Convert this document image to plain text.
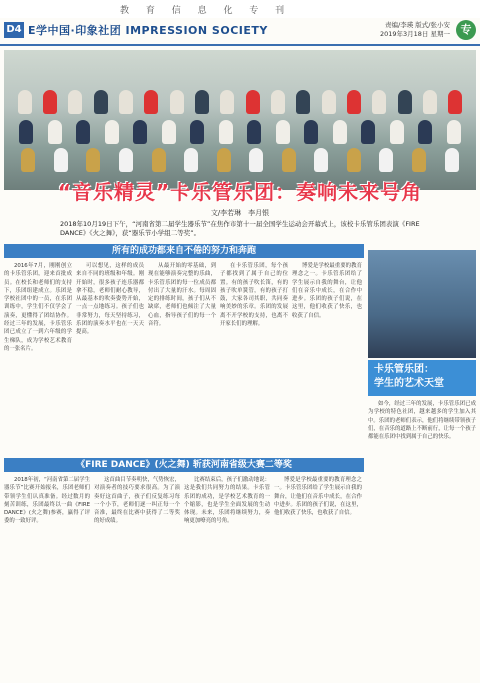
教 育 信 息 化 专 刊
D4 E学中国·印象社团 IMPRESSION SOCIETY	责编/李瑛 版式/张小安
2019年3月18日 星期一 专
“音乐精灵”卡乐管乐团：奏响未来号角
文/李若琳　李月银
2018年10月19日下午，“河南省第二届学生器乐节”在焦作市第十一届全国学生运动会开幕式上，该校卡乐管乐团表演《FIRE DANCE》《火之舞》，获“器乐节小学组二等奖”。
所有的成功都来自不倦的努力和奔跑

2016年7月，刚刚创立的卡乐管乐团，迎来首批成员。在校长和老师们的支持下，乐团组建成立。乐团是学校社团中的一员，在乐团训练中，学生们不仅学会了演奏，更懂得了团结协作。经过三年的发展，卡乐管乐团已成立了一到六年级的学生梯队，成为学校艺术教育的一张名片。

可以想见，这样的成员来自不同的班级和年级。刚开始时，很多孩子连乐器都拿不稳，老师们耐心教导，从最基本的吹奏姿势开始，一点一点地练习。孩子们也非常努力，每天坚持练习，乐团的演奏水平也在一天天提高。

从最开始的零基础，到现在能够演奏完整的乐曲，卡乐管乐团的每一位成员都付出了大量的汗水。每周固定的排练时间，孩子们从不缺席，老师们也倾注了大量心血，指导孩子们的每一个音符。

在卡乐管乐团，每个孩子都找到了属于自己的位置。有的孩子吹长笛，有的孩子吹单簧管，有的孩子打鼓，大家各司其职，共同奏响美妙的乐章。乐团的发展离不开学校的支持，也离不开家长们的理解。

博爱是学校最重要的教育理念之一。卡乐管乐团给了学生展示自我的舞台，让他们在音乐中成长，在合作中进步。乐团的孩子们说，在这里，他们收获了快乐，也收获了自信。

卡乐管乐团：
学生的艺术天堂

如今，经过三年的发展，卡乐管乐团已成为学校的特色社团，越来越多的学生加入其中。乐团的老师们表示，他们将继续带领孩子们，在音乐的道路上不断前行，让每一个孩子都能在乐团中找到属于自己的快乐。

《FIRE DANCE》(火之舞) 斩获河南省级大赛二等奖

2018年初，“河南省第二届学生器乐节”比赛开始报名，乐团老师们带领学生们认真准备。经过数月的刻苦训练，乐团最终以一曲《FIRE DANCE》(火之舞)参赛，赢得了评委的一致好评。

这首曲目节奏明快，气势恢宏，对演奏者的技巧要求很高。为了演奏好这首曲子，孩子们反复练习每一个小节，老师们逐一纠正每一个音准，最终在比赛中获得了二等奖的好成绩。

比赛结束后，孩子们激动地说：这是我们共同努力的结果。卡乐管乐团的成功，是学校艺术教育的一个缩影，也是学生全面发展的生动体现。未来，乐团将继续努力，奏响更加嘹亮的号角。

博爱是学校最重要的教育理念之一。卡乐管乐团给了学生展示自我的舞台，让他们在音乐中成长，在合作中进步。乐团的孩子们说，在这里，他们收获了快乐，也收获了自信。
